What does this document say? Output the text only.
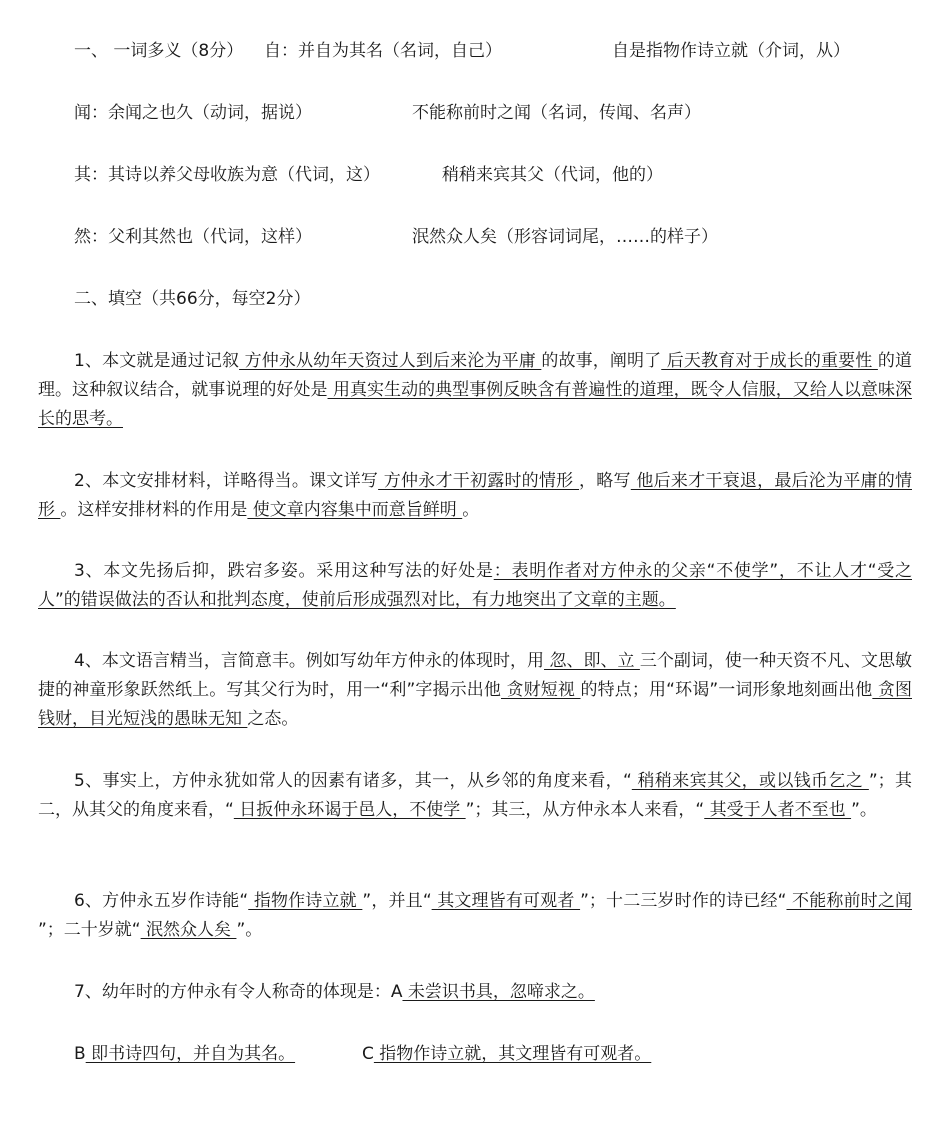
一、 一词多义（8分） 自：并自为其名（名词，自己）	自是指物作诗立就（介词，从）
闻：余闻之也久（动词，据说）	不能称前时之闻（名词，传闻、名声）
其：其诗以养父母收族为意（代词，这）	稍稍来宾其父（代词，他的）
然：父利其然也（代词，这样）	泯然众人矣（形容词词尾，……的样子）
二、填空（共66分，每空2分）
1、本文就是通过记叙 方仲永从幼年天资过人到后来沦为平庸 的故事，阐明了 后天教育对于成长的重要性 的道理。这种叙议结合，就事说理的好处是 用真实生动的典型事例反映含有普遍性的道理，既令人信服，又给人以意味深长的思考。
2、本文安排材料，详略得当。课文详写 方仲永才干初露时的情形 ，略写 他后来才干衰退，最后沦为平庸的情形 。这样安排材料的作用是 使文章内容集中而意旨鲜明 。
3、本文先扬后抑，跌宕多姿。采用这种写法的好处是：表明作者对方仲永的父亲“不使学”，不让人才“受之人”的错误做法的否认和批判态度，使前后形成强烈对比，有力地突出了文章的主题。
4、本文语言精当，言简意丰。例如写幼年方仲永的体现时，用 忽、即、立 三个副词，使一种天资不凡、文思敏捷的神童形象跃然纸上。写其父行为时，用一“利”字揭示出他 贪财短视 的特点；用“环谒”一词形象地刻画出他 贪图钱财，目光短浅的愚昧无知 之态。
5、事实上，方仲永犹如常人的因素有诸多，其一，从乡邻的角度来看，“ 稍稍来宾其父，或以钱币乞之 ”；其二，从其父的角度来看，“ 日扳仲永环谒于邑人，不使学 ”；其三，从方仲永本人来看，“ 其受于人者不至也 ”。
6、方仲永五岁作诗能“ 指物作诗立就 ”，并且“ 其文理皆有可观者 ”；十二三岁时作的诗已经“ 不能称前时之闻 ”；二十岁就“ 泯然众人矣 ”。
7、幼年时的方仲永有令人称奇的体现是：A 未尝识书具，忽啼求之。
B 即书诗四句，并自为其名。	C 指物作诗立就，其文理皆有可观者。
